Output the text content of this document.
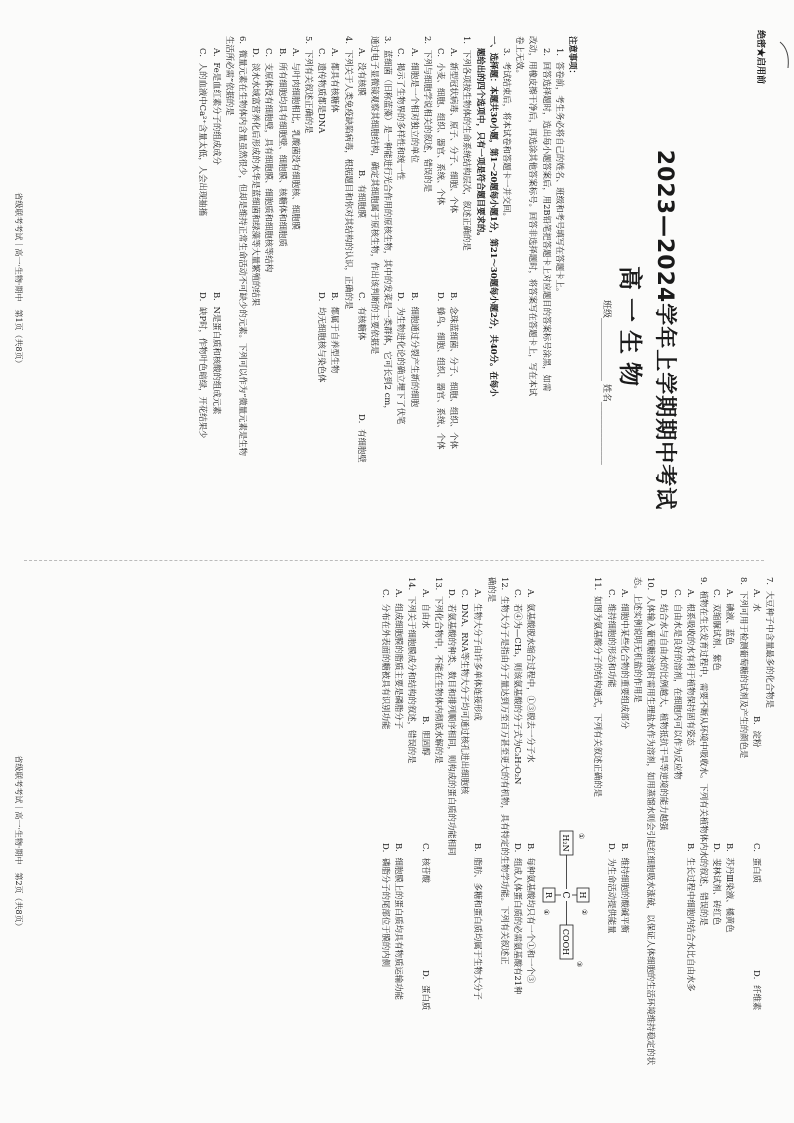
绝密★启用前
2023—2024学年上学期期中考试
高一生物
班级______________ 姓名______________

注意事项：

1．答卷前，考生务必将自己的姓名、班级和考号填写在答题卡上。

2．回答选择题时，选出每小题答案后，用2B铅笔把答题卡上对应题目的答案标号涂黑，如需

改动，用橡皮擦干净后，再选涂其他答案标号。回答非选择题时，将答案写在答题卡上，写在本试

卷上无效。

3．考试结束后，将本试卷和答题卡一并交回。

一、选择题：本题共30小题，第1～20题每小题1分，第21～30题每小题2分，共40分。在每小

题给出的四个选项中，只有一项是符合题目要求的。

1．下列各项按生物体的生命系统结构层次，叙述正确的是

A．新型冠状病毒、原子、分子、细胞、个体
B．念珠蓝细菌、分子、细胞、组织、个体
C．小麦、细胞、组织、器官、系统、个体
D．蜂鸟、细胞、组织、器官、系统、个体

2．下列与细胞学说相关的叙述，错误的是

A．细胞是一个相对独立的单位
B．细胞通过分裂产生新的细胞
C．揭示了生物界的多样性和统一性
D．为生物进化论的确立埋下了伏笔

3．蓝细菌（旧称蓝藻）是一种能进行光合作用的原核生物，其中的发菜是一类群体，它可长到2 cm，

通过电子显微镜观察其细胞结构，确定其细胞属于原核生物，作出该判断的主要依据是

A．没有核膜
B．有细胞膜
C．有核糖体
D．有细胞壁

4．下列关于人类免疫缺陷病毒，根据题目和你对其结构的认识，正确的是

A．都具有核糖体
B．都属于自养型生物
C．遗传物质都是DNA
D．均无细胞核与染色体

5．下列有关叙述正确的是

A．与叶肉细胞相比，乳酸菌没有细胞核、细胞膜

B．所有细胞均具有细胞壁、细胞膜、核糖体和细胞质

C．支原体没有细胞壁，具有细胞膜、细胞质和细胞核等结构

D．淡水水域富营养化后形成的水华是蓝细菌和绿藻等大量繁殖的结果

6．微量元素在生物体内含量虽然很少，但却是维持正常生命活动不可缺少的元素。下列可以作为“微量元素是生物

生活所必需”依据的是

A．Fe是血红素分子的组成成分
B．N是蛋白质和核酸的组成元素
C．人的血液中Ca²⁺含量太低，人会出现抽搐
D．缺P时，作物叶色暗绿，开花结果少
省级联考考试｜高一·生物·期中　第1页（共8页）

7．大豆种子中含量最多的化合物是

A．水
B．淀粉
C．蛋白质
D．纤维素

8．下列可用于检测葡萄糖的试剂及产生的颜色是

A．碘液、蓝色
B．苏丹Ⅲ染液、橘黄色
C．双缩脲试剂、紫色
D．斐林试剂、砖红色

9．植物在生长发育过程中，需要不断从环境中吸收水。下列有关植物体内水的叙述，错误的是

A．根系吸收的水有利于植物保持固有姿态
B．生长过程中细胞内结合水比自由水多

C．自由水是良好的溶剂，在细胞内可以作为反应物

D．结合水与自由水的比例越大，植物抵抗干旱等逆境的能力越强

10．人体输入葡萄糖溶液时需用生理盐水作为溶剂，如用蒸馏水则会引起红细胞吸水涨破，以保证人体细胞的生活环境维持稳定的状

态。上述实例说明无机盐的作用是

A．细胞中某些化合物的重要组成部分
B．维持细胞的酸碱平衡
C．维持细胞的形态和功能
D．为生命活动提供能量

11．如图为氨基酸分子的结构通式，下列有关叙述正确的是

H₂N
C
COOH
H
R
①
②
③
④
A．氨基酸脱水缩合过程中，①③脱去一分子水
B．每种氨基酸均只有一个①和一个③
C．若④为—CH₃，则该氨基酸的分子式为C₃H₇O₂N
D．组成人体蛋白质的必需氨基酸有21种

12．生物大分子是指由分子量达到万至百万甚至更大的有机物，具有特定的生物学功能。下列有关叙述正

确的是

A．生物大分子由许多单体连接形成
B．脂肪、多糖和蛋白质均属于生物大分子

C．DNA、RNA等生物大分子均可通过核孔进出细胞核

D．若氨基酸的种类、数目和排列顺序相同，则构成的蛋白质的功能相同

13．下列化合物中，不能在生物体内彻底水解的是

A．自由水
B．胆固醇
C．核苷酸
D．蛋白质

14．下列关于细胞膜成分和结构的叙述，错误的是

A．组成细胞膜的脂质主要是磷脂分子
B．细胞膜上的蛋白质均具有物质运输功能
C．分布在外表面的糖被具有识别功能
D．磷脂分子的尾部位于膜的内侧
省级联考考试｜高一·生物·期中　第2页（共8页）
